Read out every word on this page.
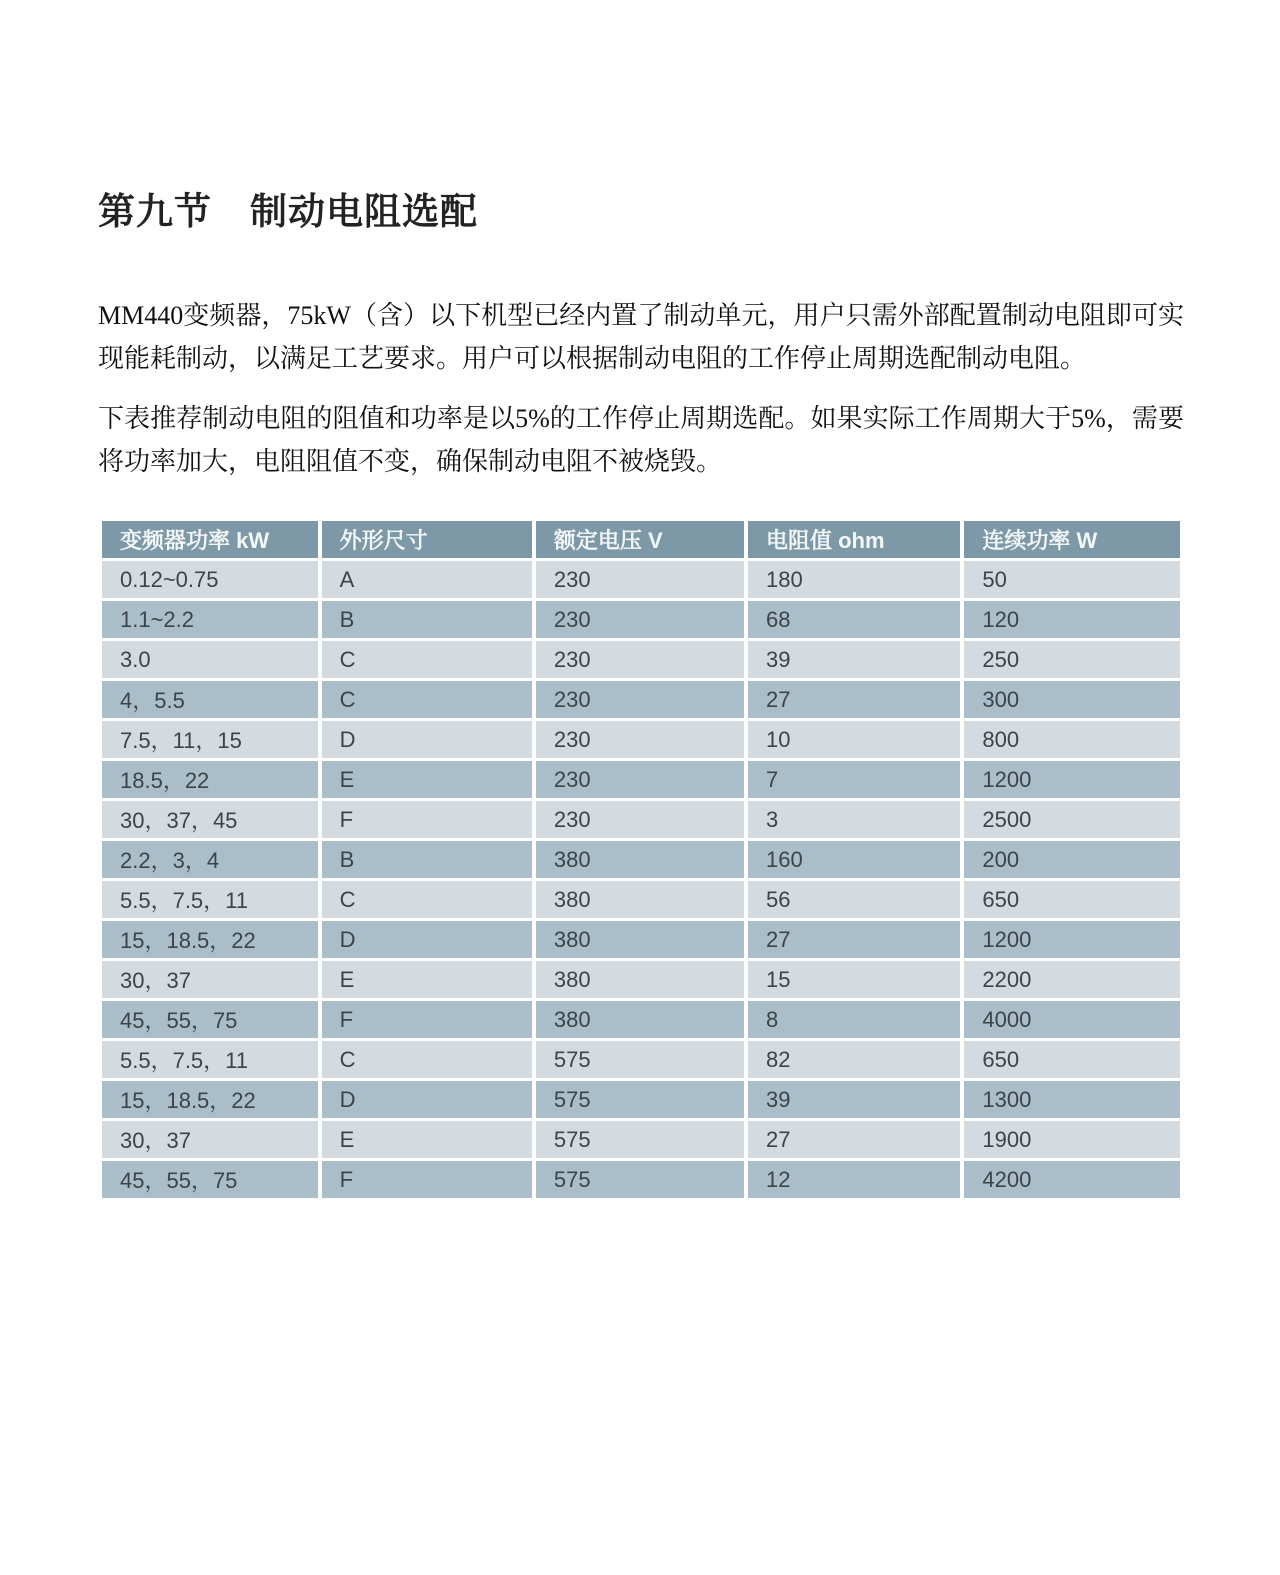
第九节　制动电阻选配

MM440变频器，75kW（含）以下机型已经内置了制动单元，用户只需外部配置制动电阻即可实现能耗制动，以满足工艺要求。用户可以根据制动电阻的工作停止周期选配制动电阻。

下表推荐制动电阻的阻值和功率是以5%的工作停止周期选配。如果实际工作周期大于5%，需要将功率加大，电阻阻值不变，确保制动电阻不被烧毁。

变频器功率 kW	外形尺寸	额定电压 V	电阻值 ohm	连续功率 W
0.12~0.75	A	230	180	50
1.1~2.2	B	230	68	120
3.0	C	230	39	250
4，5.5	C	230	27	300
7.5，11，15	D	230	10	800
18.5，22	E	230	7	1200
30，37，45	F	230	3	2500
2.2，3，4	B	380	160	200
5.5，7.5，11	C	380	56	650
15，18.5，22	D	380	27	1200
30，37	E	380	15	2200
45，55，75	F	380	8	4000
5.5，7.5，11	C	575	82	650
15，18.5，22	D	575	39	1300
30，37	E	575	27	1900
45，55，75	F	575	12	4200
